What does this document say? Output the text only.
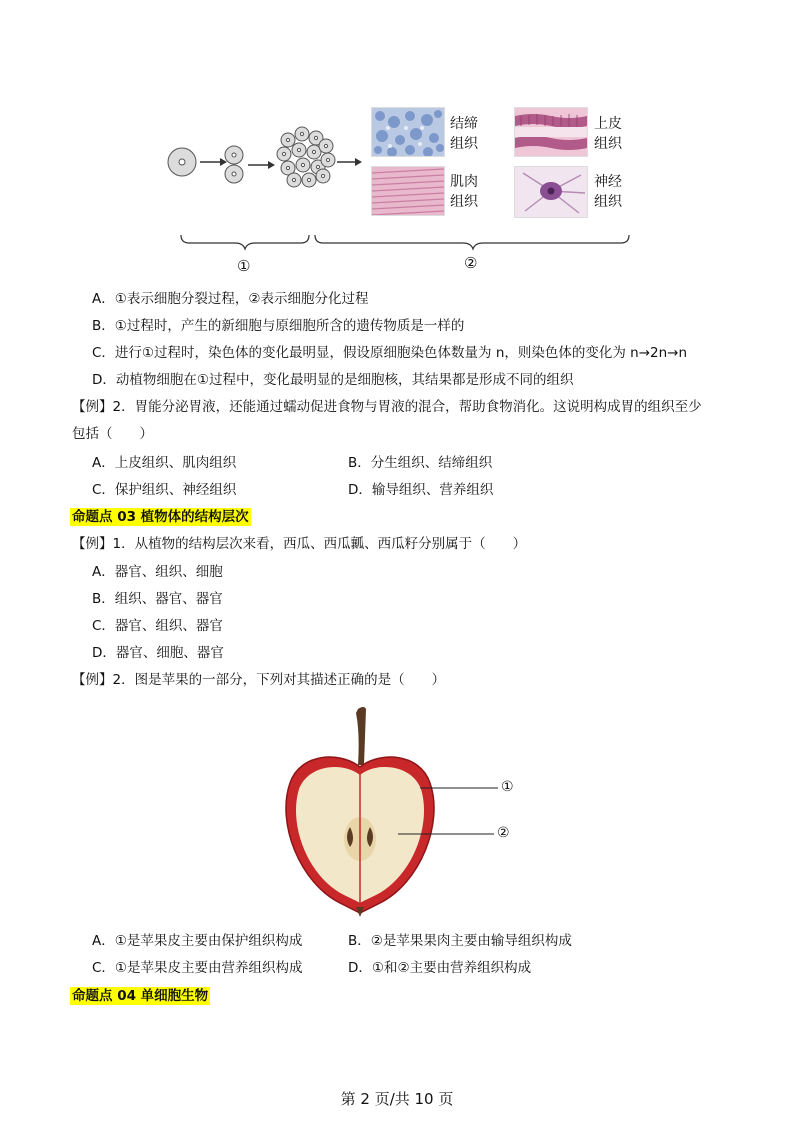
结缔
组织
上皮
组织
肌肉
组织
神经
组织
①	②
A．①表示细胞分裂过程，②表示细胞分化过程
B．①过程时，产生的新细胞与原细胞所含的遗传物质是一样的
C．进行①过程时，染色体的变化最明显，假设原细胞染色体数量为 n，则染色体的变化为 n→2n→n
D．动植物细胞在①过程中，变化最明显的是细胞核，其结果都是形成不同的组织
【例】2．胃能分泌胃液，还能通过蠕动促进食物与胃液的混合，帮助食物消化。这说明构成胃的组织至少
包括（　　）
A．上皮组织、肌肉组织	B．分生组织、结缔组织
C．保护组织、神经组织	D．输导组织、营养组织
命题点 03 植物体的结构层次
【例】1．从植物的结构层次来看，西瓜、西瓜瓤、西瓜籽分别属于（　　）
A．器官、组织、细胞
B．组织、器官、器官
C．器官、组织、器官
D．器官、细胞、器官
【例】2．图是苹果的一部分，下列对其描述正确的是（　　）
①
②
A．①是苹果皮主要由保护组织构成	B．②是苹果果肉主要由输导组织构成
C．①是苹果皮主要由营养组织构成	D．①和②主要由营养组织构成
命题点 04 单细胞生物
第 2 页/共 10 页
